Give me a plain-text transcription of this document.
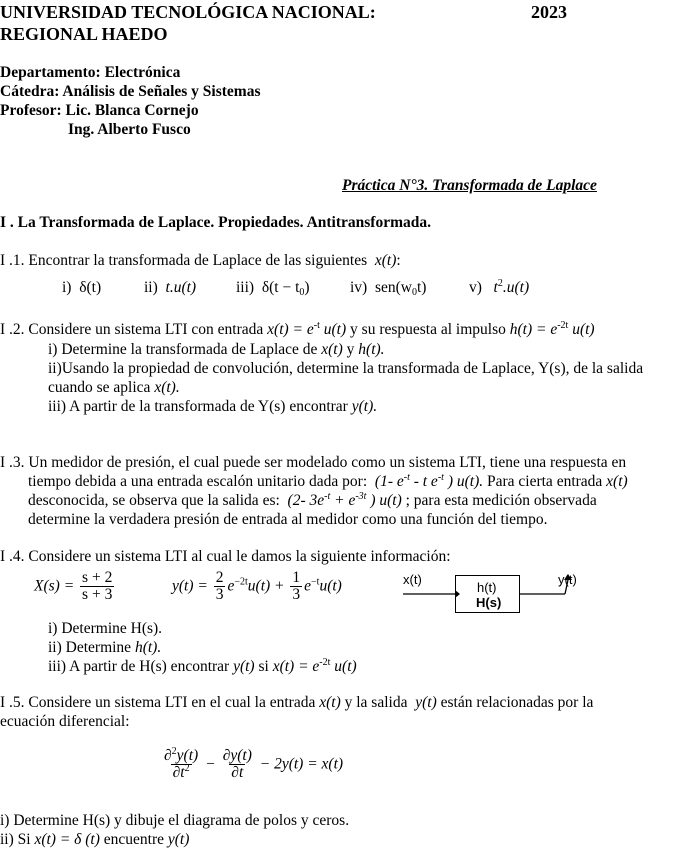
UNIVERSIDAD TECNOLÓGICA NACIONAL:	2023
REGIONAL HAEDO
Departamento: Electrónica
Cátedra: Análisis de Señales y Sistemas
Profesor: Lic. Blanca Cornejo
Ing. Alberto Fusco
Práctica N°3. Transformada de Laplace
I . La Transformada de Laplace. Propiedades. Antitransformada.
I .1. Encontrar la transformada de Laplace de las siguientes x(t):
i) δ(t)	ii) t.u(t)	iii) $\delta(t - t_0)$	iv) $sen(w_0t)$	v) $t^2.u(t)$
I .2. Considere un sistema LTI con entrada $x(t) = e^{-t}$ u(t) y su respuesta al impulso $h(t) = e^{-2t}$ u(t)
i) Determine la transformada de Laplace de x(t) y h(t).
ii)Usando la propiedad de convolución, determine la transformada de Laplace, Y(s), de la salida
cuando se aplica x(t).
iii) A partir de la transformada de Y(s) encontrar y(t).
I .3. Un medidor de presión, el cual puede ser modelado como un sistema LTI, tiene una respuesta en
tiempo debida a una entrada escalón unitario dada por: (1- $e^{-t}$ - t $e^{-t}$ ) u(t). Para cierta entrada x(t)
desconocida, se observa que la salida es: (2- $3e^{-t} + e^{-3t}$ ) u(t) ; para esta medición observada
determine la verdadera presión de entrada al medidor como una función del tiempo.
I .4. Considere un sistema LTI al cual le damos la siguiente información:
$X(s) = \frac{s + 2}{s + 3}$	$y(t) = \frac{2}{3} e^{-2t}u(t) + \frac{1}{3} e^{-t}u(t)$	x(t)
h(t)
H(s)
y(t)
i) Determine H(s).
ii) Determine h(t).
iii) A partir de H(s) encontrar y(t) si $x(t) = e^{-2t}$ u(t)
I .5. Considere un sistema LTI en el cual la entrada x(t) y la salida y(t) están relacionadas por la
ecuación diferencial:
$\frac{\partial^2y(t)}{\partial t^2} - \frac{\partial y(t)}{\partial t} - 2y(t) = x(t)$
i) Determine H(s) y dibuje el diagrama de polos y ceros.
ii) Si x(t) = δ (t) encuentre y(t)
